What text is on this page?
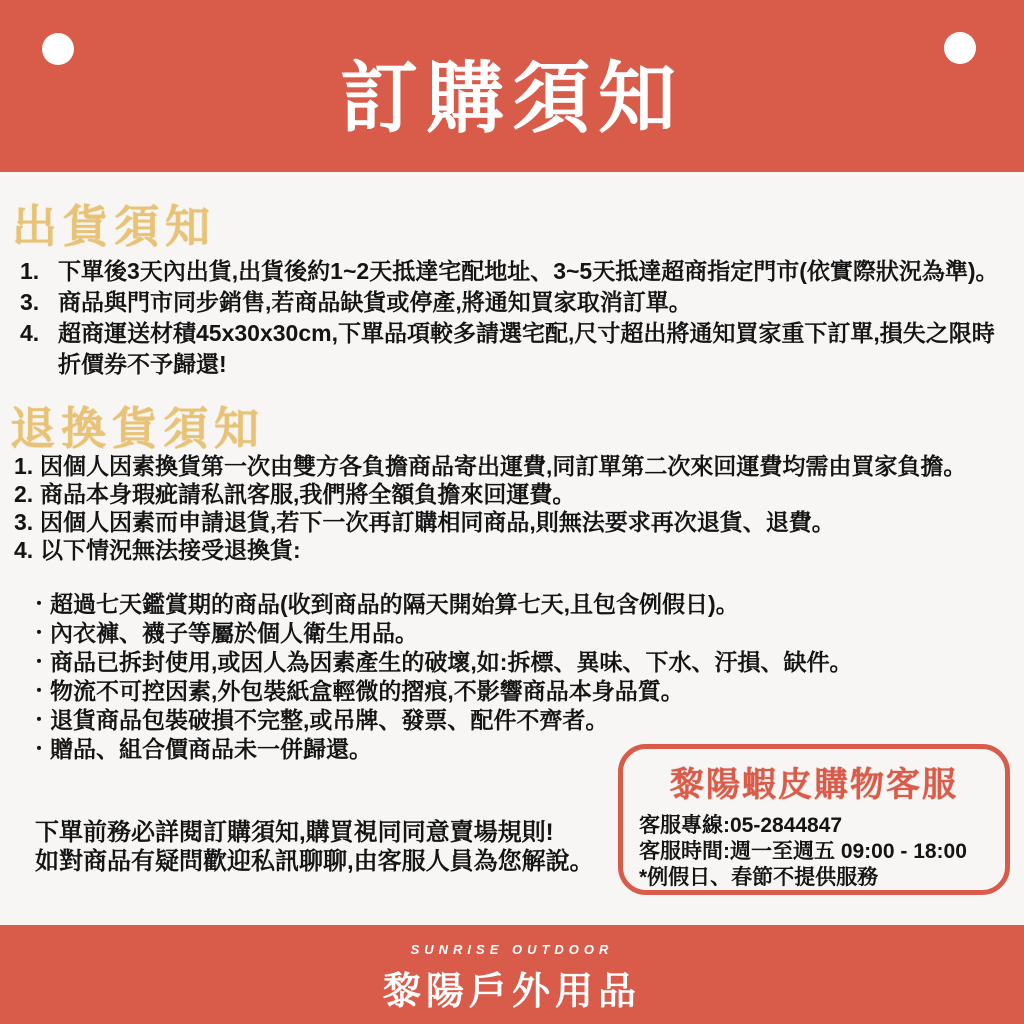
訂購須知
出貨須知
1. 下單後3天內出貨,出貨後約1~2天抵達宅配地址、3~5天抵達超商指定門市(依實際狀況為準)。
3. 商品與門市同步銷售,若商品缺貨或停產,將通知買家取消訂單。
4. 超商運送材積45x30x30cm,下單品項較多請選宅配,尺寸超出將通知買家重下訂單,損失之限時折價券不予歸還!
退換貨須知
1. 因個人因素換貨第一次由雙方各負擔商品寄出運費,同訂單第二次來回運費均需由買家負擔。
2. 商品本身瑕疵請私訊客服,我們將全額負擔來回運費。
3. 因個人因素而申請退貨,若下一次再訂購相同商品,則無法要求再次退貨、退費。
4. 以下情況無法接受退換貨:
・ 超過七天鑑賞期的商品(收到商品的隔天開始算七天,且包含例假日)。
・ 內衣褲、襪子等屬於個人衛生用品。
・ 商品已拆封使用,或因人為因素產生的破壞,如:拆標、異味、下水、汙損、缺件。
・ 物流不可控因素,外包裝紙盒輕微的摺痕,不影響商品本身品質。
・ 退貨商品包裝破損不完整,或吊牌、發票、配件不齊者。
・ 贈品、組合價商品未一併歸還。
下單前務必詳閱訂購須知,購買視同同意賣場規則!
如對商品有疑問歡迎私訊聊聊,由客服人員為您解說。
黎陽蝦皮購物客服
客服專線:05-2844847
客服時間:週一至週五 09:00 - 18:00
*例假日、春節不提供服務
SUNRISE OUTDOOR
黎陽戶外用品
